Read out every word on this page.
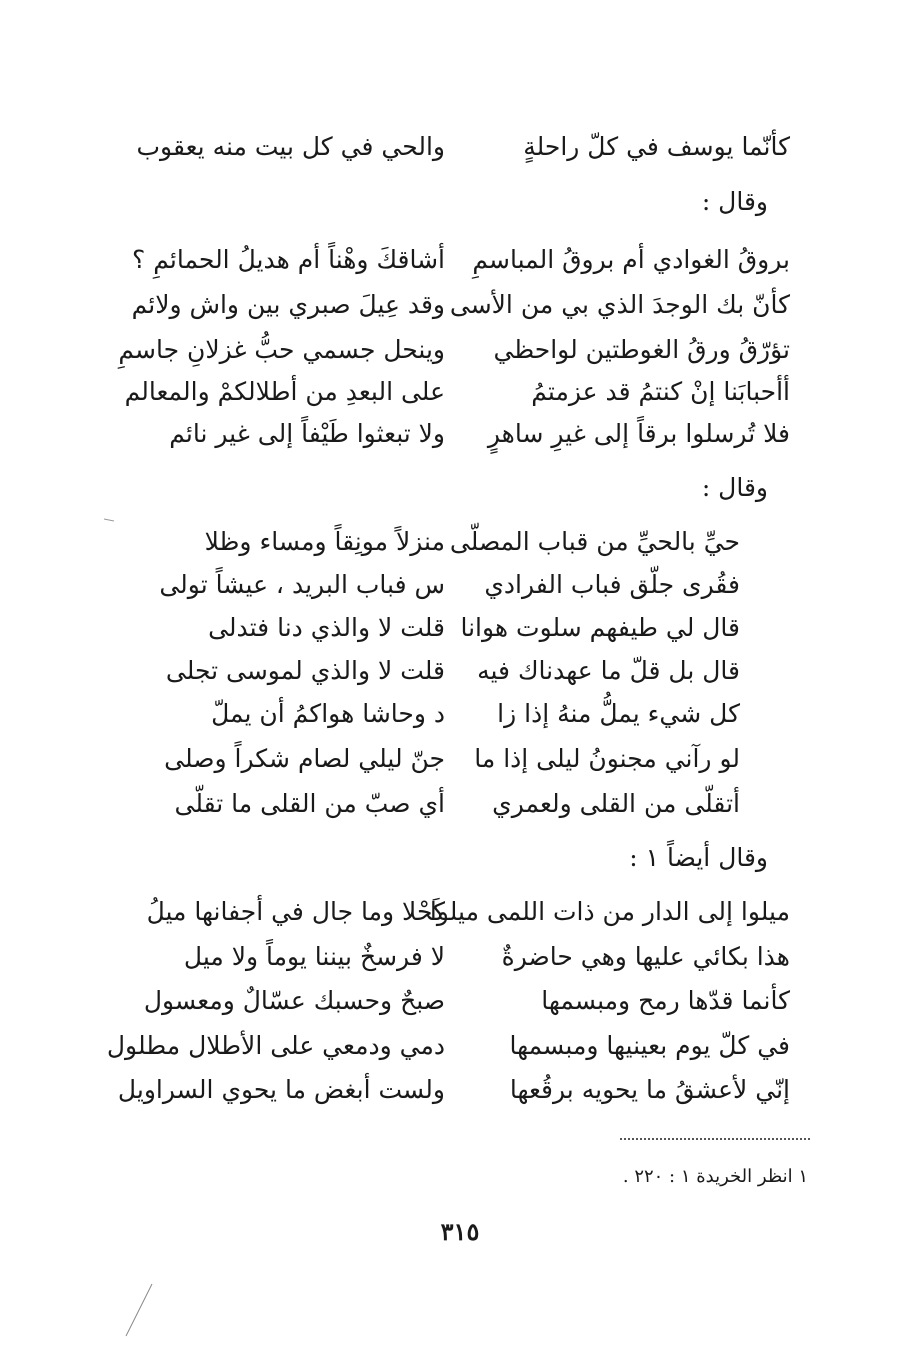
كأنّما يوسف في كلّ راحلةٍ
والحي في كل بيت منه يعقوب
وقال :
بروقُ الغوادي أم بروقُ المباسمِ
أشاقكَ وهْناً أم هديلُ الحمائمِ ؟
كأنّ بك الوجدَ الذي بي من الأسى
وقد عِيلَ صبري بين واش ولائم
تؤرّقُ ورقُ الغوطتين لواحظي
وينحل جسمي حبُّ غزلانِ جاسمِ
أأحبابَنا إنْ كنتمُ قد عزمتمُ
على البعدِ من أطلالكمْ والمعالم
فلا تُرسلوا برقاً إلى غيرِ ساهرٍ
ولا تبعثوا طَيْفاً إلى غير نائم
وقال :
حيِّ بالحيِّ من قباب المصلّى
منزلاً مونِقاً ومساء وظلا
فقُرى جلّق فباب الفرادي
س فباب البريد ، عيشاً تولى
قال لي طيفهم سلوت هوانا
قلت لا والذي دنا فتدلى
قال بل قلّ ما عهدناك فيه
قلت لا والذي لموسى تجلى
كل شيء يملُّ منهُ إذا زا
د وحاشا هواكمُ أن يملّ
لو رآني مجنونُ ليلى إذا ما
جنّ ليلي لصام شكراً وصلى
أتقلّى من القلى ولعمري
أي صبّ من القلى ما تقلّى
وقال أيضاً ١ :
ميلوا إلى الدار من ذات اللمى ميلوا
كَحْلا وما جال في أجفانها ميلُ
هذا بكائي عليها وهي حاضرةٌ
لا فرسخٌ بيننا يوماً ولا ميل
كأنما قدّها رمح ومبسمها
صبحٌ وحسبك عسّالٌ ومعسول
في كلّ يوم بعينيها ومبسمها
دمي ودمعي على الأطلال مطلول
إنّي لأعشقُ ما يحويه برقُعها
ولست أبغض ما يحوي السراويل
١ انظر الخريدة ١ : ٢٢٠ .
٣١٥
